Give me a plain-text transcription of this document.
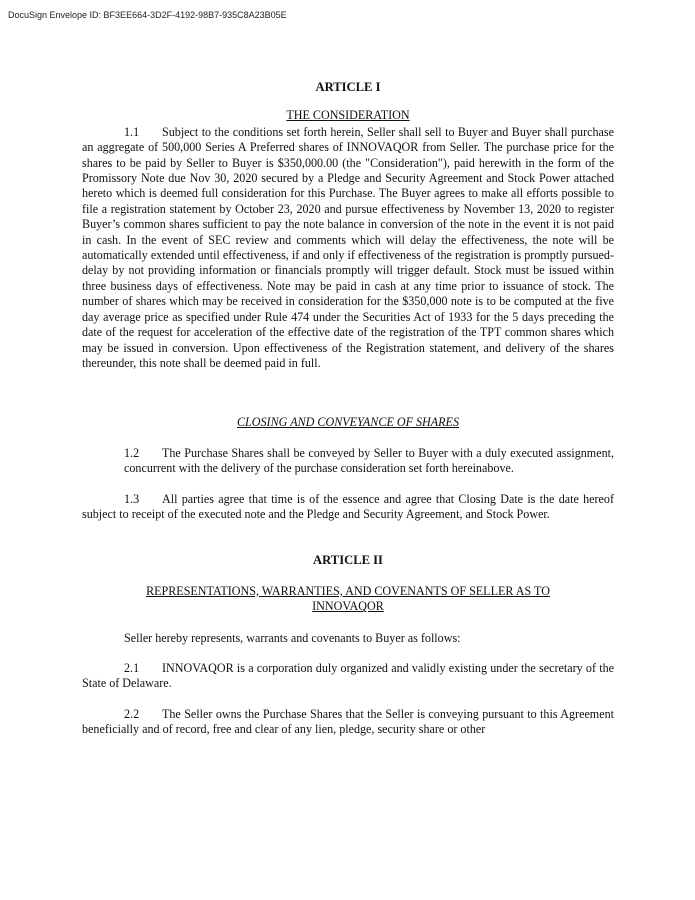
DocuSign Envelope ID: BF3EE664-3D2F-4192-98B7-935C8A23B05E
ARTICLE I
THE CONSIDERATION

1.1 Subject to the conditions set forth herein, Seller shall sell to Buyer and Buyer shall purchase an aggregate of 500,000 Series A Preferred shares of INNOVAQOR from Seller. The purchase price for the shares to be paid by Seller to Buyer is $350,000.00 (the "Consideration"), paid herewith in the form of the Promissory Note due Nov 30, 2020 secured by a Pledge and Security Agreement and Stock Power attached hereto which is deemed full consideration for this Purchase. The Buyer agrees to make all efforts possible to file a registration statement by October 23, 2020 and pursue effectiveness by November 13, 2020 to register Buyer’s common shares sufficient to pay the note balance in conversion of the note in the event it is not paid in cash. In the event of SEC review and comments which will delay the effectiveness, the note will be automatically extended until effectiveness, if and only if effectiveness of the registration is promptly pursued-delay by not providing information or financials promptly will trigger default. Stock must be issued within three business days of effectiveness. Note may be paid in cash at any time prior to issuance of stock. The number of shares which may be received in consideration for the $350,000 note is to be computed at the five day average price as specified under Rule 474 under the Securities Act of 1933 for the 5 days preceding the date of the request for acceleration of the effective date of the registration of the TPT common shares which may be issued in conversion. Upon effectiveness of the Registration statement, and delivery of the shares thereunder, this note shall be deemed paid in full.

CLOSING AND CONVEYANCE OF SHARES
1.2 The Purchase Shares shall be conveyed by Seller to Buyer with a duly executed assignment, concurrent with the delivery of the purchase consideration set forth hereinabove.

1.3 All parties agree that time is of the essence and agree that Closing Date is the date hereof subject to receipt of the executed note and the Pledge and Security Agreement, and Stock Power.

ARTICLE II
REPRESENTATIONS, WARRANTIES, AND COVENANTS OF SELLER AS TO
INNOVAQOR

Seller hereby represents, warrants and covenants to Buyer as follows:

2.1 INNOVAQOR is a corporation duly organized and validly existing under the secretary of the State of Delaware.

2.2 The Seller owns the Purchase Shares that the Seller is conveying pursuant to this Agreement beneficially and of record, free and clear of any lien, pledge, security share or other
